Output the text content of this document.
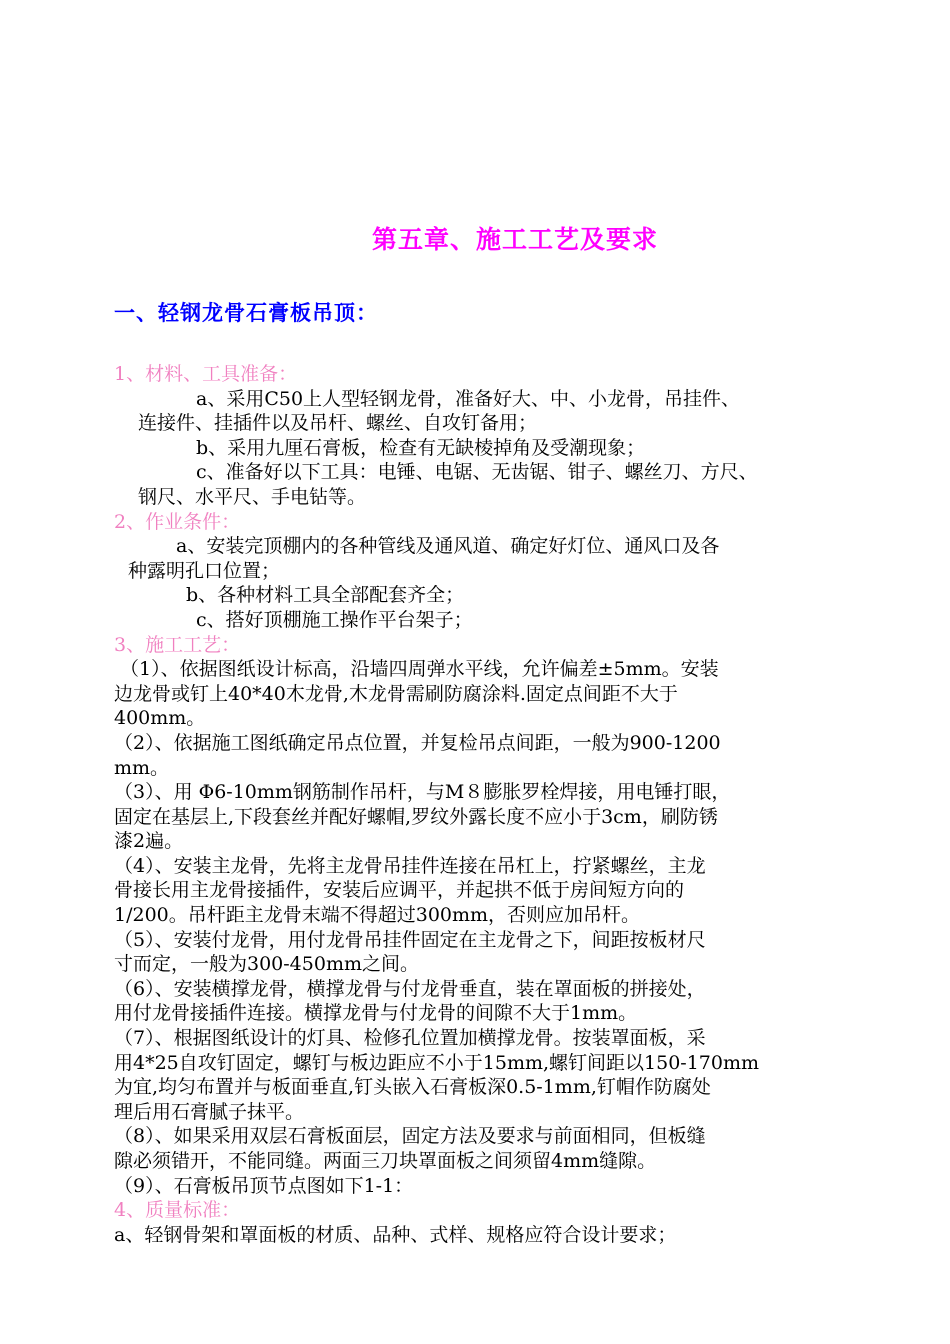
第五章、施工工艺及要求
一、轻钢龙骨石膏板吊顶：

1、材料、工具准备：

a、采用C50上人型轻钢龙骨，准备好大、中、小龙骨，吊挂件、

连接件、挂插件以及吊杆、螺丝、自攻钉备用；

b、采用九厘石膏板，检查有无缺棱掉角及受潮现象；

c、准备好以下工具：电锤、电锯、无齿锯、钳子、螺丝刀、方尺、

钢尺、水平尺、手电钻等。

2、作业条件：

a、安装完顶棚内的各种管线及通风道、确定好灯位、通风口及各

种露明孔口位置；

b、各种材料工具全部配套齐全；

c、搭好顶棚施工操作平台架子；

3、施工工艺：

（1）、依据图纸设计标高，沿墙四周弹水平线，允许偏差±5mm。安装

边龙骨或钉上40*40木龙骨,木龙骨需刷防腐涂料.固定点间距不大于

400mm。

（2）、依据施工图纸确定吊点位置，并复检吊点间距，一般为900-1200

mm。

（3）、用 Φ6-10mm钢筋制作吊杆，与M８膨胀罗栓焊接，用电锤打眼，

固定在基层上,下段套丝并配好螺帽,罗纹外露长度不应小于3cm，刷防锈

漆2遍。

（4）、安装主龙骨，先将主龙骨吊挂件连接在吊杠上，拧紧螺丝，主龙

骨接长用主龙骨接插件，安装后应调平，并起拱不低于房间短方向的

1/200。吊杆距主龙骨末端不得超过300mm，否则应加吊杆。

（5）、安装付龙骨，用付龙骨吊挂件固定在主龙骨之下，间距按板材尺

寸而定，一般为300-450mm之间。

（6）、安装横撑龙骨，横撑龙骨与付龙骨垂直，装在罩面板的拼接处，

用付龙骨接插件连接。横撑龙骨与付龙骨的间隙不大于1mm。

（7）、根据图纸设计的灯具、检修孔位置加横撑龙骨。按装罩面板，采

用4*25自攻钉固定，螺钉与板边距应不小于15mm,螺钉间距以150-170mm

为宜,均匀布置并与板面垂直,钉头嵌入石膏板深0.5-1mm,钉帽作防腐处

理后用石膏腻子抹平。

（8）、如果采用双层石膏板面层，固定方法及要求与前面相同，但板缝

隙必须错开，不能同缝。两面三刀块罩面板之间须留4mm缝隙。

（9）、石膏板吊顶节点图如下1-1：

4、质量标准：

a、轻钢骨架和罩面板的材质、品种、式样、规格应符合设计要求；
